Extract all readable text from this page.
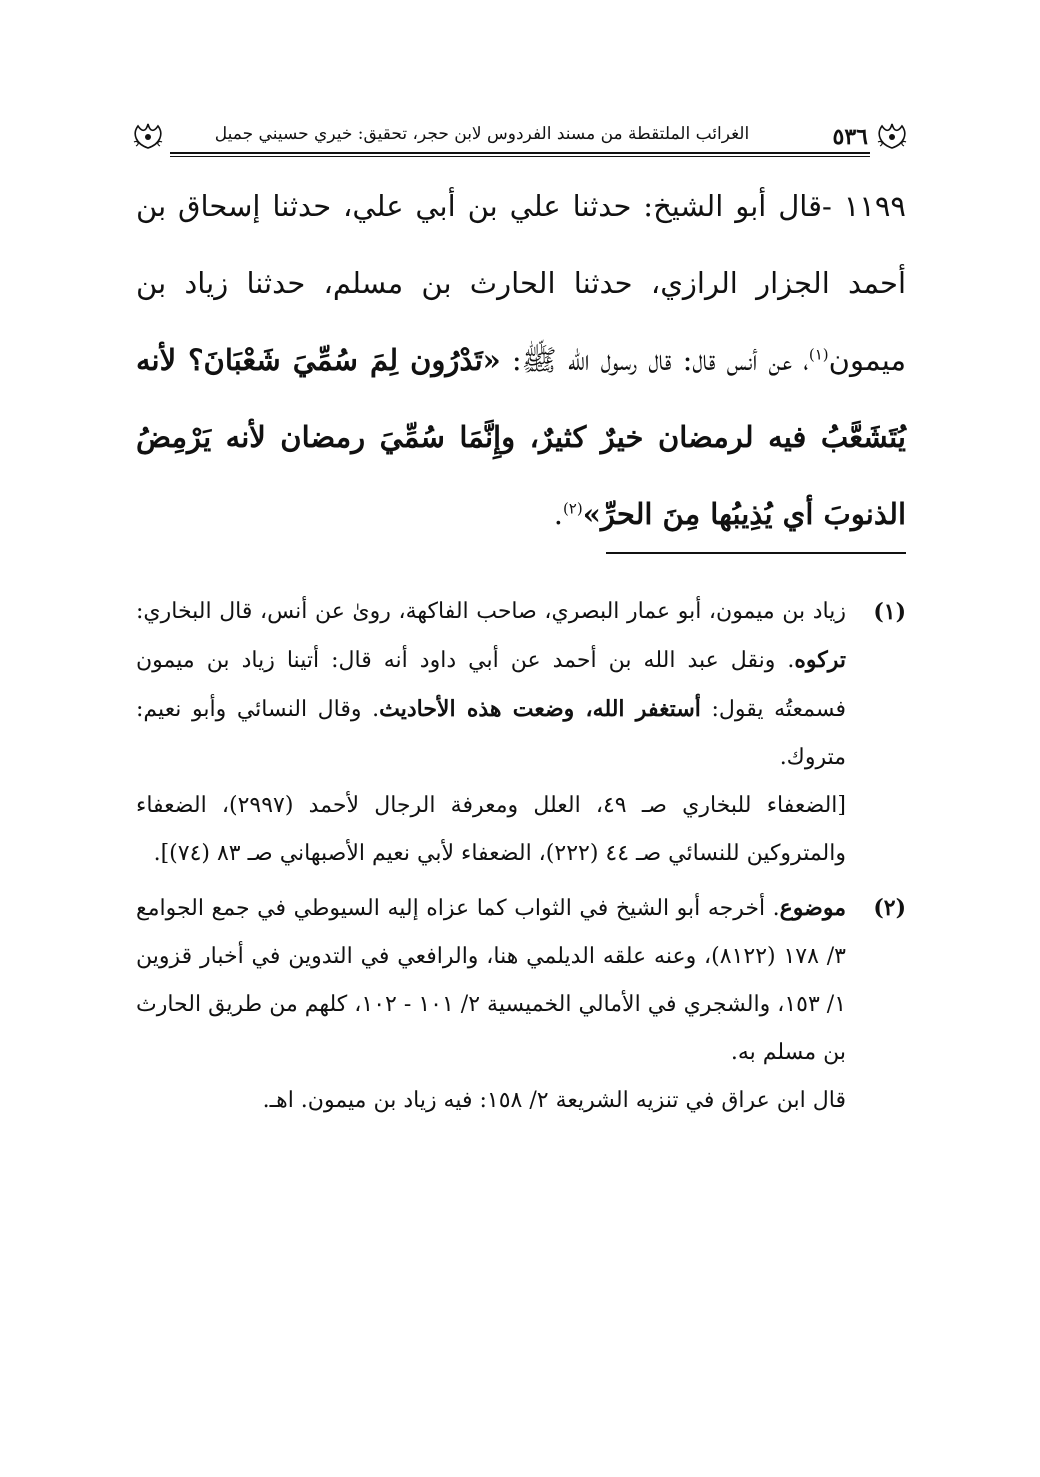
٥٣٦
الغرائب الملتقطة من مسند الفردوس لابن حجر، تحقيق: خيري حسيني جميل
١١٩٩ -قال أبو الشيخ: حدثنا علي بن أبي علي، حدثنا إسحاق بن أحمد الجزار الرازي، حدثنا الحارث بن مسلم، حدثنا زياد بن ميمون$^{(١)}$، عن أنس قال: قال رسول الله ﷺ: «تَدْرُون لِمَ سُمِّيَ شَعْبَانَ؟ لأنه يُتَشَعَّبُ فيه لرمضان خيرٌ كثيرٌ، وإِنَّمَا سُمِّيَ رمضان لأنه يَرْمِضُ الذنوبَ أي يُذِيبُها مِنَ الحرِّ»$^{(٢)}$.
(١)

زياد بن ميمون، أبو عمار البصري، صاحب الفاكهة، روىٰ عن أنس، قال البخاري: تركوه. ونقل عبد الله بن أحمد عن أبي داود أنه قال: أتينا زياد بن ميمون فسمعتُه يقول: أستغفر الله، وضعت هذه الأحاديث. وقال النسائي وأبو نعيم: متروك.

[الضعفاء للبخاري صـ ٤٩، العلل ومعرفة الرجال لأحمد (٢٩٩٧)، الضعفاء والمتروكين للنسائي صـ ٤٤ (٢٢٢)، الضعفاء لأبي نعيم الأصبهاني صـ ٨٣ (٧٤)].

(٢)

موضوع. أخرجه أبو الشيخ في الثواب كما عزاه إليه السيوطي في جمع الجوامع ٣/ ١٧٨ (٨١٢٢)، وعنه علقه الديلمي هنا، والرافعي في التدوين في أخبار قزوين ١/ ١٥٣، والشجري في الأمالي الخميسية ٢/ ١٠١ - ١٠٢، كلهم من طريق الحارث بن مسلم به.

قال ابن عراق في تنزيه الشريعة ٢/ ١٥٨: فيه زياد بن ميمون. اهـ.
